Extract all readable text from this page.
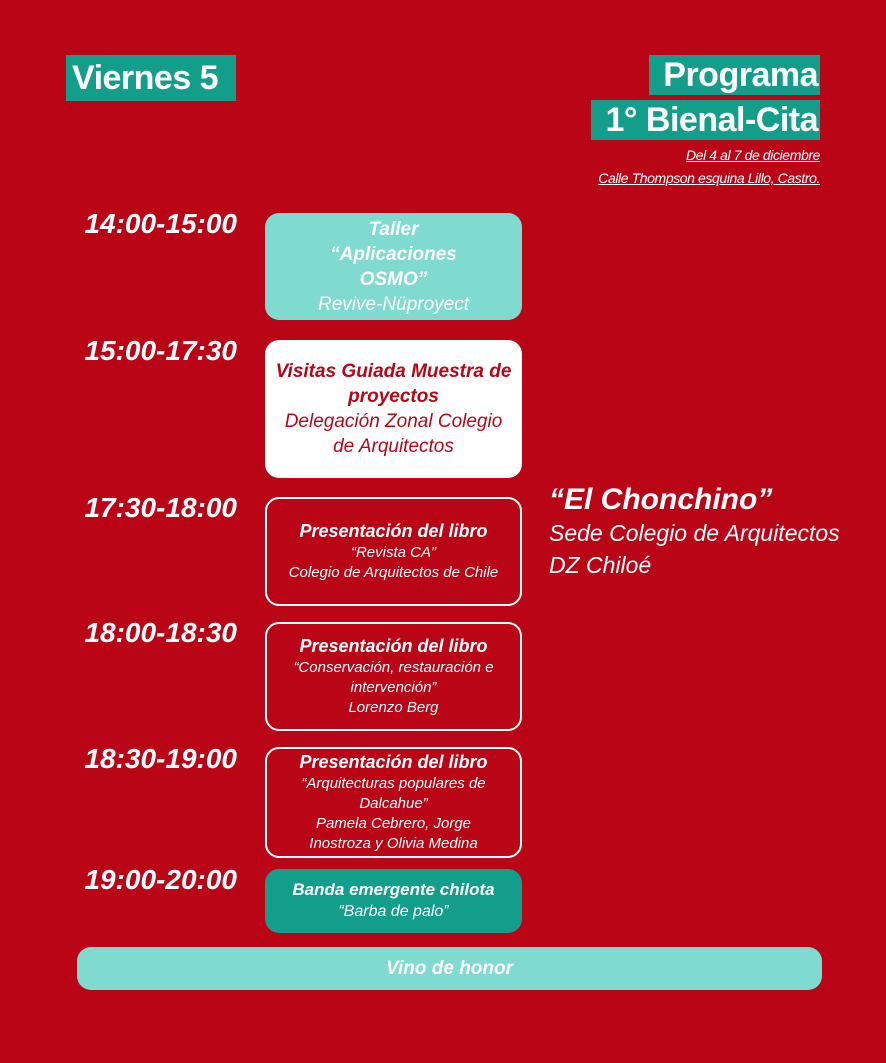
Viernes 5	Programa
1° Bienal-Cita
Del 4 al 7 de diciembre
Calle Thompson esquina Lillo, Castro.
14:00-15:00
15:00-17:30
17:30-18:00
18:00-18:30
18:30-19:00
19:00-20:00
Taller “Aplicaciones OSMO”
Revive-Nüproyect
Visitas Guiada Muestra de proyectos
Delegación Zonal Colegio de Arquitectos
Presentación del libro
“Revista CA”
Colegio de Arquitectos de Chile
Presentación del libro
“Conservación, restauración e intervención”
Lorenzo Berg
Presentación del libro
“Arquitecturas populares de Dalcahue”
Pamela Cebrero, Jorge Inostroza y Olivia Medina
Banda emergente chilota
“Barba de palo”
“El Chonchino”
Sede Colegio de Arquitectos DZ Chiloé
Vino de honor
